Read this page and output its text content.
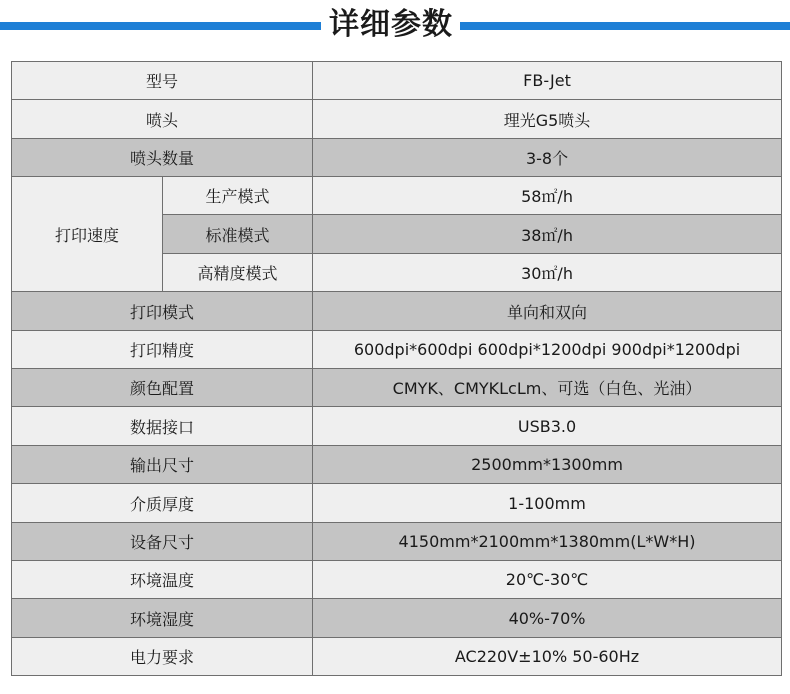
详细参数
型号		FB-Jet
喷头		理光G5喷头
喷头数量		3-8个
打印速度	生产模式	58㎡/h
	标准模式	38㎡/h
	高精度模式	30㎡/h
打印模式		单向和双向
打印精度		600dpi*600dpi 600dpi*1200dpi 900dpi*1200dpi
颜色配置		CMYK、CMYKLcLm、可选（白色、光油）
数据接口		USB3.0
输出尺寸		2500mm*1300mm
介质厚度		1-100mm
设备尺寸		4150mm*2100mm*1380mm(L*W*H)
环境温度		20℃-30℃
环境湿度		40%-70%
电力要求		AC220V±10% 50-60Hz
